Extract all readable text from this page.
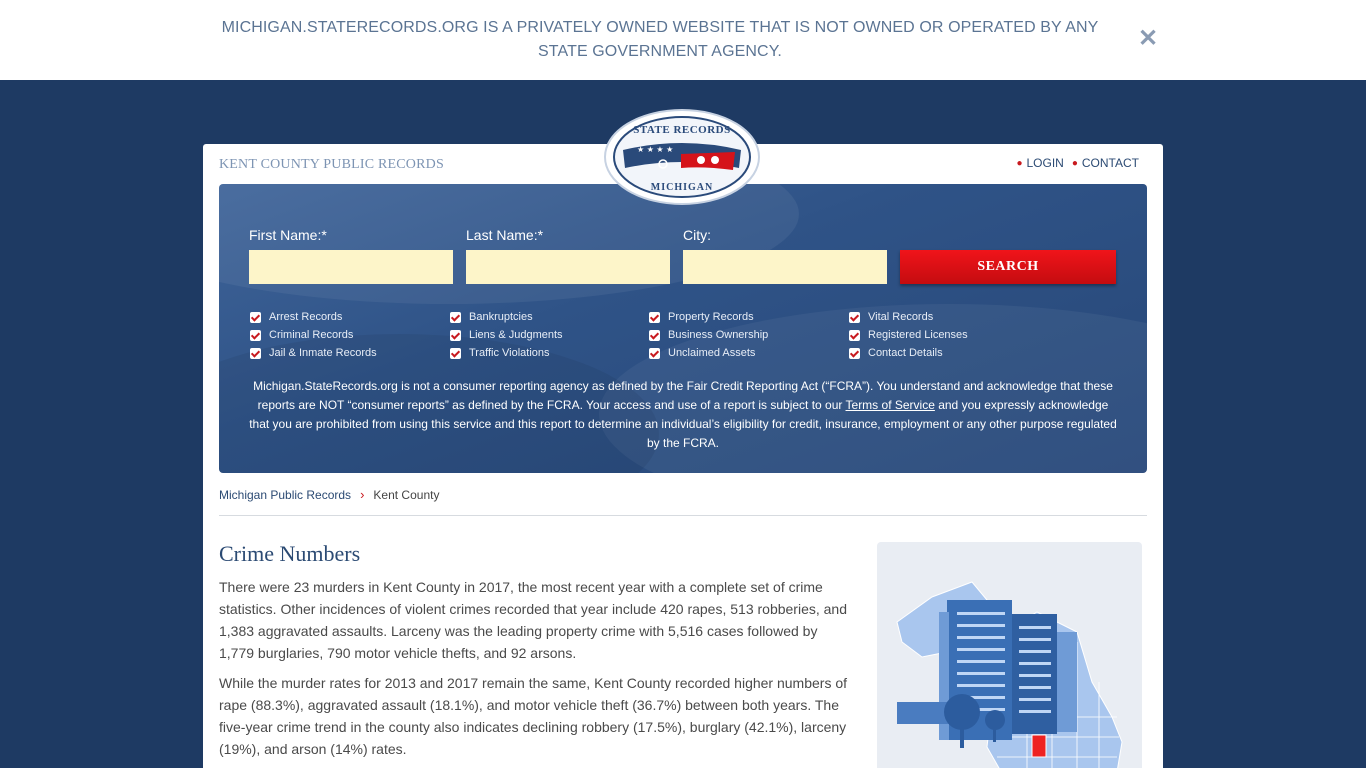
MICHIGAN.STATERECORDS.ORG IS A PRIVATELY OWNED WEBSITE THAT IS NOT OWNED OR OPERATED BY ANY STATE GOVERNMENT AGENCY.	✕
KENT COUNTY PUBLIC RECORDS	● LOGIN ● CONTACT
First Name:*	Last Name:*	City:
SEARCH
Arrest Records
Criminal Records
Jail & Inmate Records
Bankruptcies
Liens & Judgments
Traffic Violations
Property Records
Business Ownership
Unclaimed Assets
Vital Records
Registered Licenses
Contact Details
Michigan.StateRecords.org is not a consumer reporting agency as defined by the Fair Credit Reporting Act (“FCRA”). You understand and acknowledge that these reports are NOT “consumer reports” as defined by the FCRA. Your access and use of a report is subject to our Terms of Service and you expressly acknowledge that you are prohibited from using this service and this report to determine an individual’s eligibility for credit, insurance, employment or any other purpose regulated by the FCRA.
Michigan Public Records › Kent County
Crime Numbers
There were 23 murders in Kent County in 2017, the most recent year with a complete set of crime statistics. Other incidences of violent crimes recorded that year include 420 rapes, 513 robberies, and 1,383 aggravated assaults. Larceny was the leading property crime with 5,516 cases followed by 1,779 burglaries, 790 motor vehicle thefts, and 92 arsons.
While the murder rates for 2013 and 2017 remain the same, Kent County recorded higher numbers of rape (88.3%), aggravated assault (18.1%), and motor vehicle theft (36.7%) between both years. The five-year crime trend in the county also indicates declining robbery (17.5%), burglary (42.1%), larceny (19%), and arson (14%) rates.
★ ★ ★ ★
STATE RECORDS
MICHIGAN
